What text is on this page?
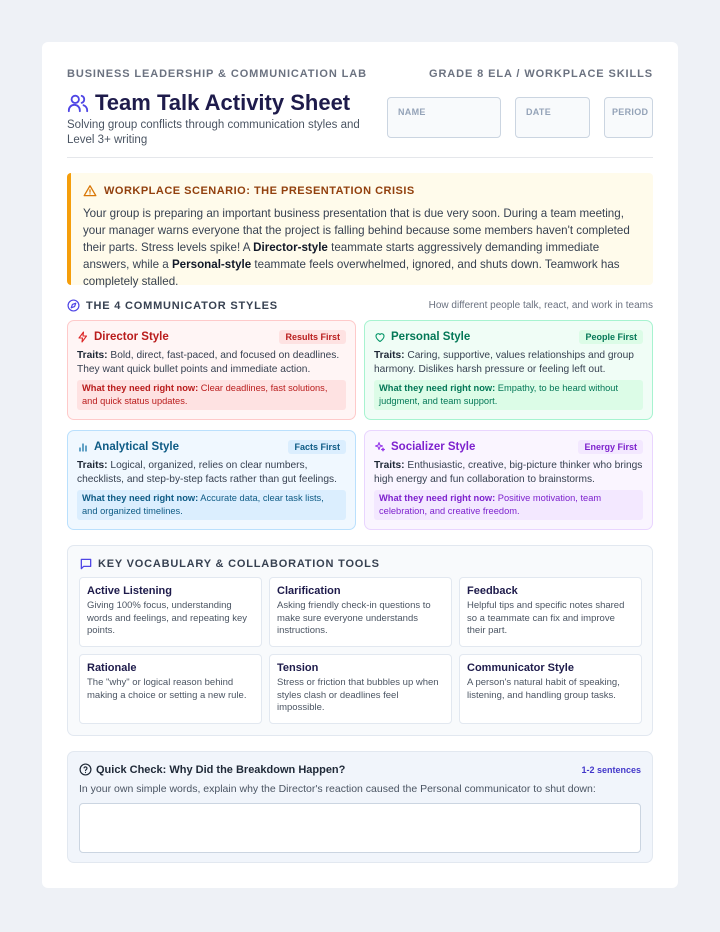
BUSINESS LEADERSHIP & COMMUNICATION LAB	GRADE 8 ELA / WORKPLACE SKILLS
Team Talk Activity Sheet

Solving group conflicts through communication styles and Level 3+ writing

NAME	DATE	PERIOD
WORKPLACE SCENARIO: THE PRESENTATION CRISIS

Your group is preparing an important business presentation that is due very soon. During a team meeting, your manager warns everyone that the project is falling behind because some members haven't completed their parts. Stress levels spike! A Director-style teammate starts aggressively demanding immediate answers, while a Personal-style teammate feels overwhelmed, ignored, and shuts down. Teamwork has completely stalled.

THE 4 COMMUNICATOR STYLES	How different people talk, react, and work in teams
Director Style	Results First

Traits: Bold, direct, fast-paced, and focused on deadlines. They want quick bullet points and immediate action.

What they need right now: Clear deadlines, fast solutions, and quick status updates.

Personal Style	People First

Traits: Caring, supportive, values relationships and group harmony. Dislikes harsh pressure or feeling left out.

What they need right now: Empathy, to be heard without judgment, and team support.

Analytical Style	Facts First

Traits: Logical, organized, relies on clear numbers, checklists, and step-by-step facts rather than gut feelings.

What they need right now: Accurate data, clear task lists, and organized timelines.

Socializer Style	Energy First

Traits: Enthusiastic, creative, big-picture thinker who brings high energy and fun collaboration to brainstorms.

What they need right now: Positive motivation, team celebration, and creative freedom.

KEY VOCABULARY & COLLABORATION TOOLS
Active Listening
Giving 100% focus, understanding words and feelings, and repeating key points.
Clarification
Asking friendly check-in questions to make sure everyone understands instructions.
Feedback
Helpful tips and specific notes shared so a teammate can fix and improve their part.
Rationale
The "why" or logical reason behind making a choice or setting a new rule.
Tension
Stress or friction that bubbles up when styles clash or deadlines feel impossible.
Communicator Style
A person's natural habit of speaking, listening, and handling group tasks.
Quick Check: Why Did the Breakdown Happen?	1-2 sentences

In your own simple words, explain why the Director's reaction caused the Personal communicator to shut down:
